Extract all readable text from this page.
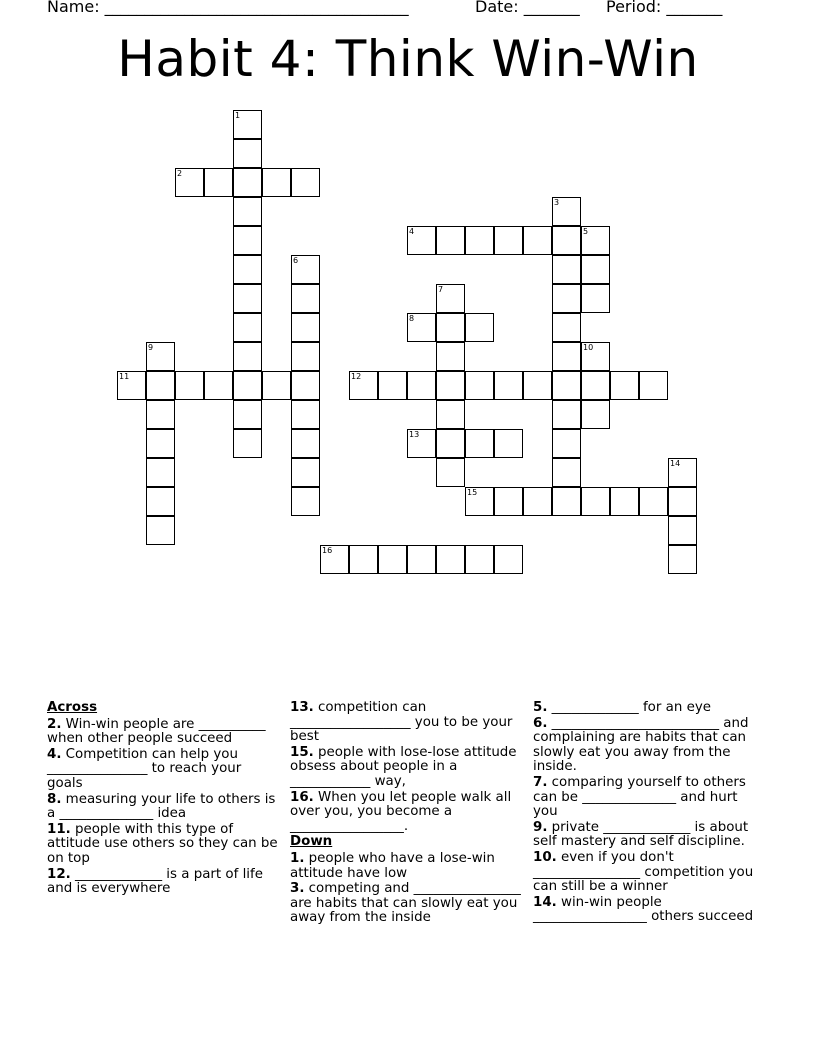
Name: ______________________________________	Date: _______ Period: _______
Habit 4: Think Win-Win
1
2
3
4	5
6
7
8
9	10
11	12
13
14
15
16
Across
2. Win-win people are __________ when other people succeed
4. Competition can help you _______________ to reach your goals
8. measuring your life to others is a ______________ idea
11. people with this type of attitude use others so they can be on top
12. _____________ is a part of life and is everywhere
13. competition can __________________ you to be your best
15. people with lose-lose attitude obsess about people in a ____________ way,
16. When you let people walk all over you, you become a _________________.
Down
1. people who have a lose-win attitude have low
3. competing and ________________ are habits that can slowly eat you away from the inside
5. _____________ for an eye
6. _________________________ and complaining are habits that can slowly eat you away from the inside.
7. comparing yourself to others can be ______________ and hurt you
9. private _____________ is about self mastery and self discipline.
10. even if you don't ________________ competition you can still be a winner
14. win-win people _________________ others succeed
